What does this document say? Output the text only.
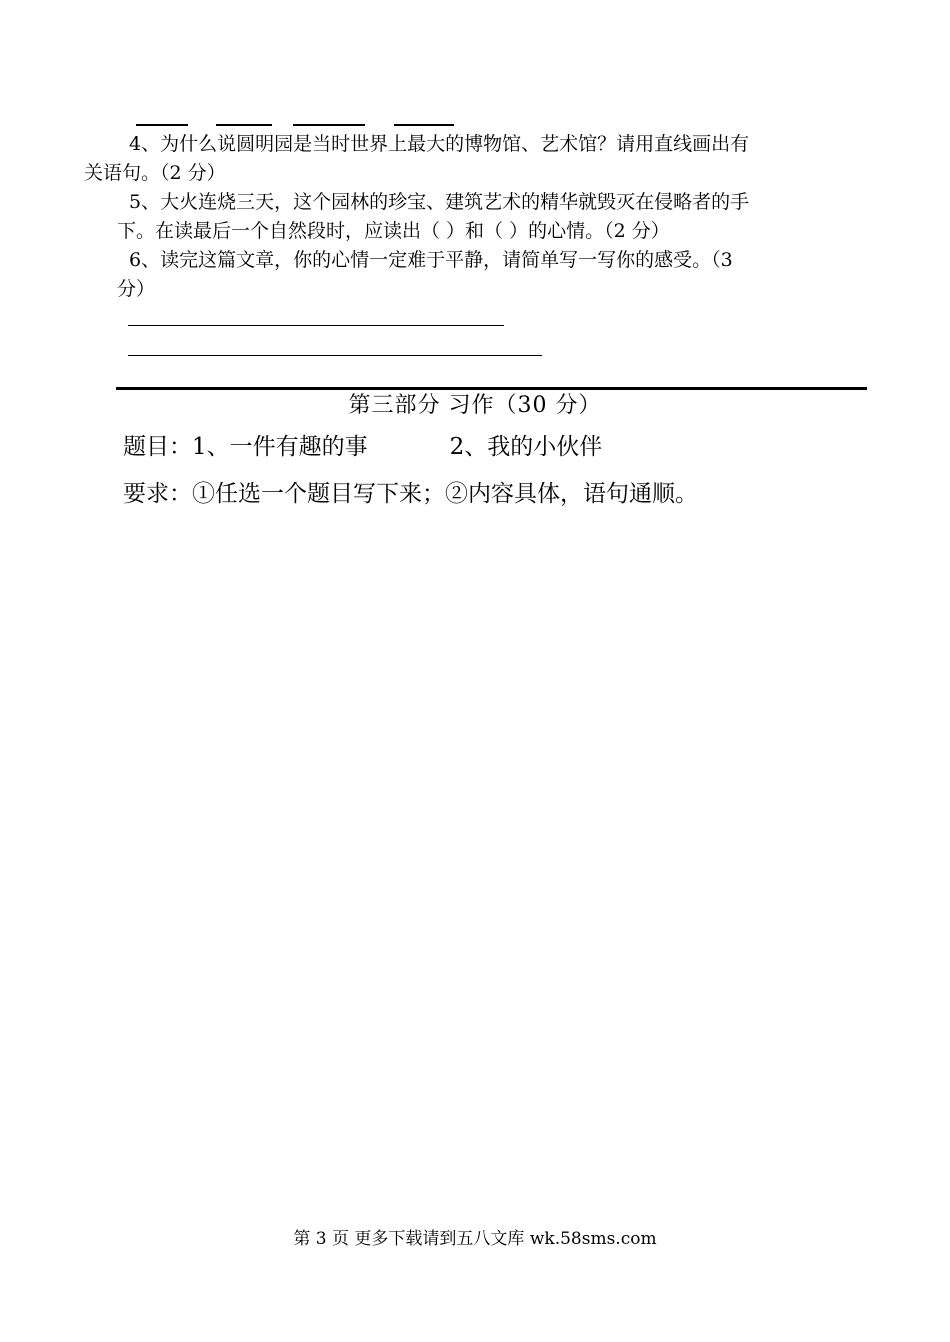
4、为什么说圆明园是当时世界上最大的博物馆、艺术馆？请用直线画出有

关语句。（2 分）

5、大火连烧三天，这个园林的珍宝、建筑艺术的精华就毁灭在侵略者的手

下。在读最后一个自然段时，应读出（ ）和（ ）的心情。（2 分）

6、读完这篇文章，你的心情一定难于平静，请简单写一写你的感受。（3

分）

第三部分 习作（30 分）
题目：1、一件有趣的事	2、我的小伙伴
要求：①任选一个题目写下来；②内容具体，语句通顺。
第 3 页 更多下载请到五八文库 wk.58sms.com
